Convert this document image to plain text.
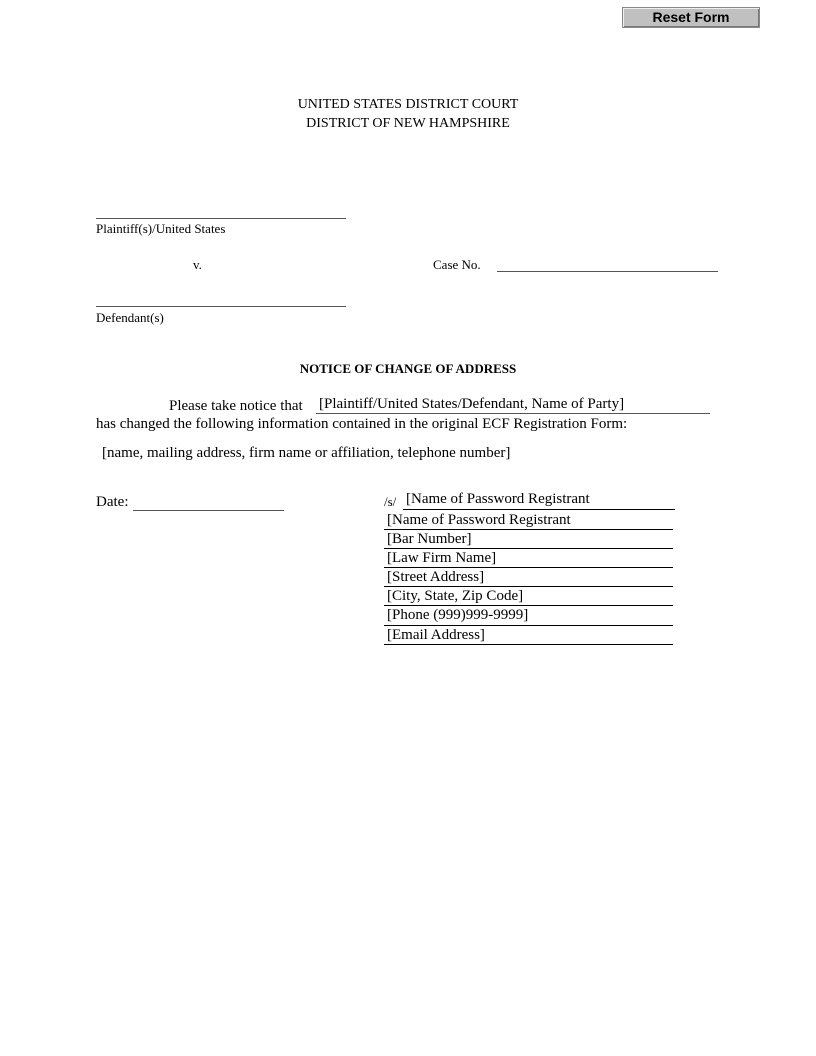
Reset Form
UNITED STATES DISTRICT COURT
DISTRICT OF NEW HAMPSHIRE
Plaintiff(s)/United States
v.	Case No.
Defendant(s)
NOTICE OF CHANGE OF ADDRESS
Please take notice that [Plaintiff/United States/Defendant, Name of Party]
has changed the following information contained in the original ECF Registration Form:
[name, mailing address, firm name or affiliation, telephone number]
Date:	/s/ [Name of Password Registrant
[Name of Password Registrant
[Bar Number]
[Law Firm Name]
[Street Address]
[City, State, Zip Code]
[Phone (999)999-9999]
[Email Address]
